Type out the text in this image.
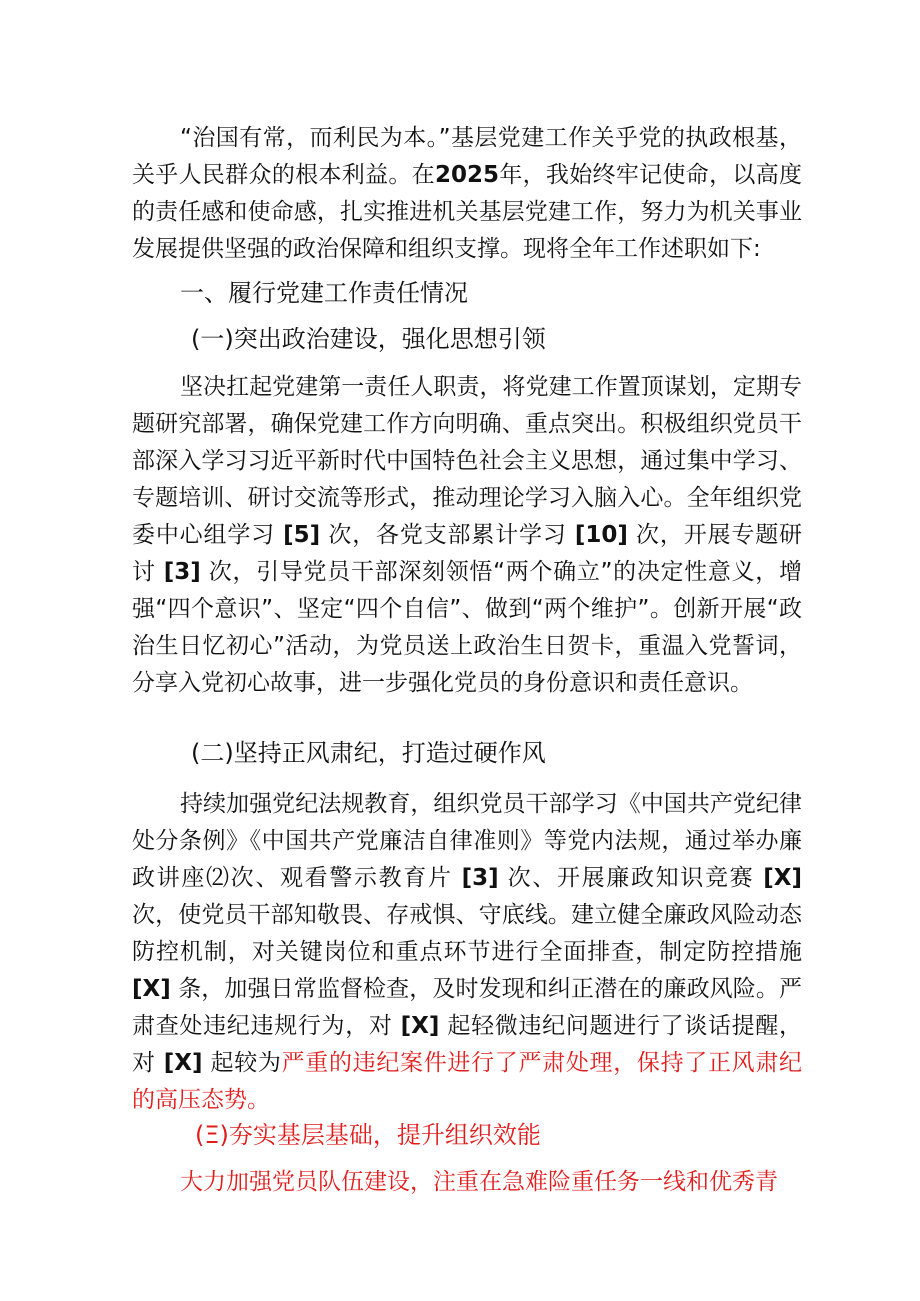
“治国有常，而利民为本。”基层党建工作关乎党的执政根基，关乎人民群众的根本利益。在2025年，我始终牢记使命，以高度的责任感和使命感，扎实推进机关基层党建工作，努力为机关事业发展提供坚强的政治保障和组织支撑。现将全年工作述职如下:

一、履行党建工作责任情况
(一)突出政治建设，强化思想引领

坚决扛起党建第一责任人职责，将党建工作置顶谋划，定期专题研究部署，确保党建工作方向明确、重点突出。积极组织党员干部深入学习习近平新时代中国特色社会主义思想，通过集中学习、专题培训、研讨交流等形式，推动理论学习入脑入心。全年组织党委中心组学习 [5] 次，各党支部累计学习 [10] 次，开展专题研讨 [3] 次，引导党员干部深刻领悟“两个确立”的决定性意义，增强“四个意识”、坚定“四个自信”、做到“两个维护”。创新开展“政治生日忆初心”活动，为党员送上政治生日贺卡，重温入党誓词，分享入党初心故事，进一步强化党员的身份意识和责任意识。

(二)坚持正风肃纪，打造过硬作风

持续加强党纪法规教育，组织党员干部学习《中国共产党纪律处分条例》《中国共产党廉洁自律准则》等党内法规，通过举办廉政讲座⑵次、观看警示教育片 [3] 次、开展廉政知识竞赛 [X] 次，使党员干部知敬畏、存戒惧、守底线。建立健全廉政风险动态防控机制，对关键岗位和重点环节进行全面排查，制定防控措施 [X] 条，加强日常监督检查，及时发现和纠正潜在的廉政风险。严肃查处违纪违规行为，对 [X] 起轻微违纪问题进行了谈话提醒，对 [X] 起较为严重的违纪案件进行了严肃处理，保持了正风肃纪的高压态势。

(Ξ)夯实基层基础，提升组织效能

大力加强党员队伍建设，注重在急难险重任务一线和优秀青
